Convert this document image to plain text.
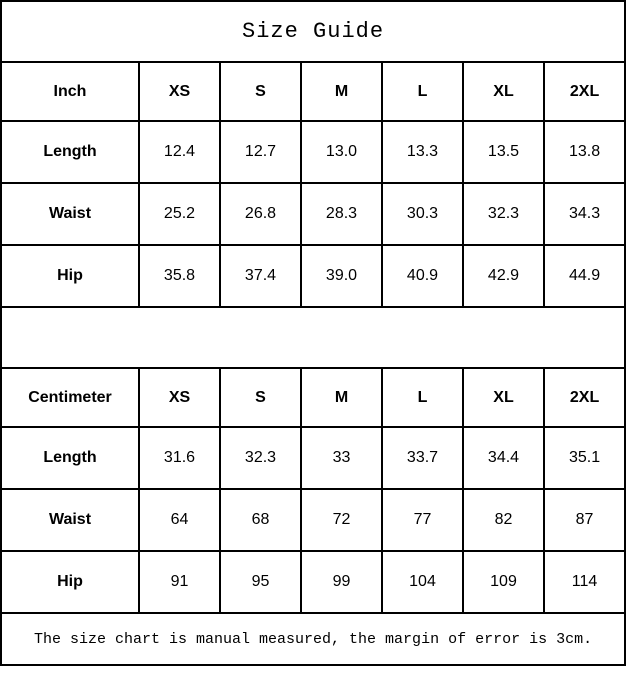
Size Guide						
Inch	XS	S	M	L	XL	2XL
Length	12.4	12.7	13.0	13.3	13.5	13.8
Waist	25.2	26.8	28.3	30.3	32.3	34.3
Hip	35.8	37.4	39.0	40.9	42.9	44.9

Centimeter	XS	S	M	L	XL	2XL
Length	31.6	32.3	33	33.7	34.4	35.1
Waist	64	68	72	77	82	87
Hip	91	95	99	104	109	114
The size chart is manual measured, the margin of error is 3cm.						
